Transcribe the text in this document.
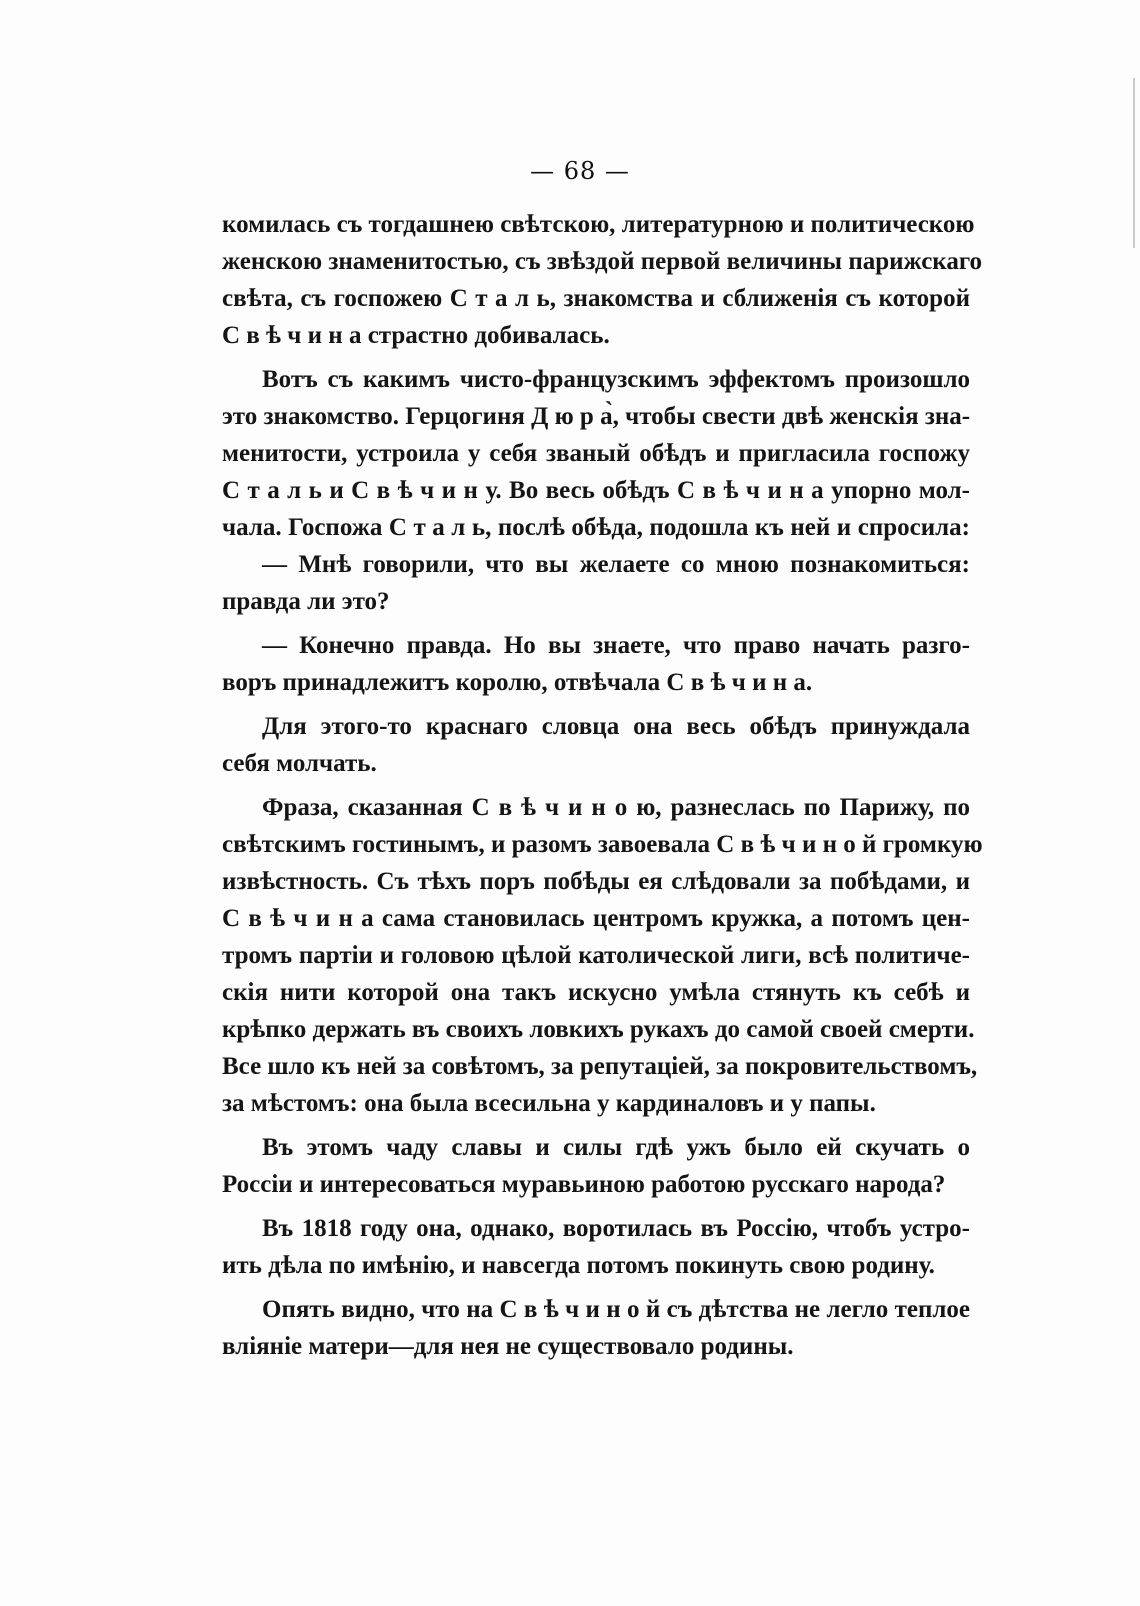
— 68 —
комилась съ тогдашнею свѣтскою, литературною и политическою
женскою знаменитостью, съ звѣздой первой величины парижскаго
свѣта, съ госпожею С т а л ь, знакомства и сближенія съ которой
С в ѣ ч и н а страстно добивалась.
Вотъ съ какимъ чисто-французскимъ эффектомъ произошло
это знакомство. Герцогиня Д ю р а̀, чтобы свести двѣ женскія зна-
менитости, устроила у себя званый обѣдъ и пригласила госпожу
С т а л ь и С в ѣ ч и н у. Во весь обѣдъ С в ѣ ч и н а упорно мол-
чала. Госпожа С т а л ь, послѣ обѣда, подошла къ ней и спросила:
— Мнѣ говорили, что вы желаете со мною познакомиться:
правда ли это?
— Конечно правда. Но вы знаете, что право начать разго-
воръ принадлежитъ королю, отвѣчала С в ѣ ч и н а.
Для этого-то краснаго словца она весь обѣдъ принуждала
себя молчать.
Фраза, сказанная С в ѣ ч и н о ю, разнеслась по Парижу, по
свѣтскимъ гостинымъ, и разомъ завоевала С в ѣ ч и н о й громкую
извѣстность. Съ тѣхъ поръ побѣды ея слѣдовали за побѣдами, и
С в ѣ ч и н а сама становилась центромъ кружка, а потомъ цен-
тромъ партіи и головою цѣлой католической лиги, всѣ политиче-
скія нити которой она такъ искусно умѣла стянуть къ себѣ и
крѣпко держать въ своихъ ловкихъ рукахъ до самой своей смерти.
Все шло къ ней за совѣтомъ, за репутаціей, за покровительствомъ,
за мѣстомъ: она была всесильна у кардиналовъ и у папы.
Въ этомъ чаду славы и силы гдѣ ужъ было ей скучать о
Россіи и интересоваться муравьиною работою русскаго народа?
Въ 1818 году она, однако, воротилась въ Россію, чтобъ устро-
ить дѣла по имѣнію, и навсегда потомъ покинуть свою родину.
Опять видно, что на С в ѣ ч и н о й съ дѣтства не легло теплое
вліяніе матери—для нея не существовало родины.
